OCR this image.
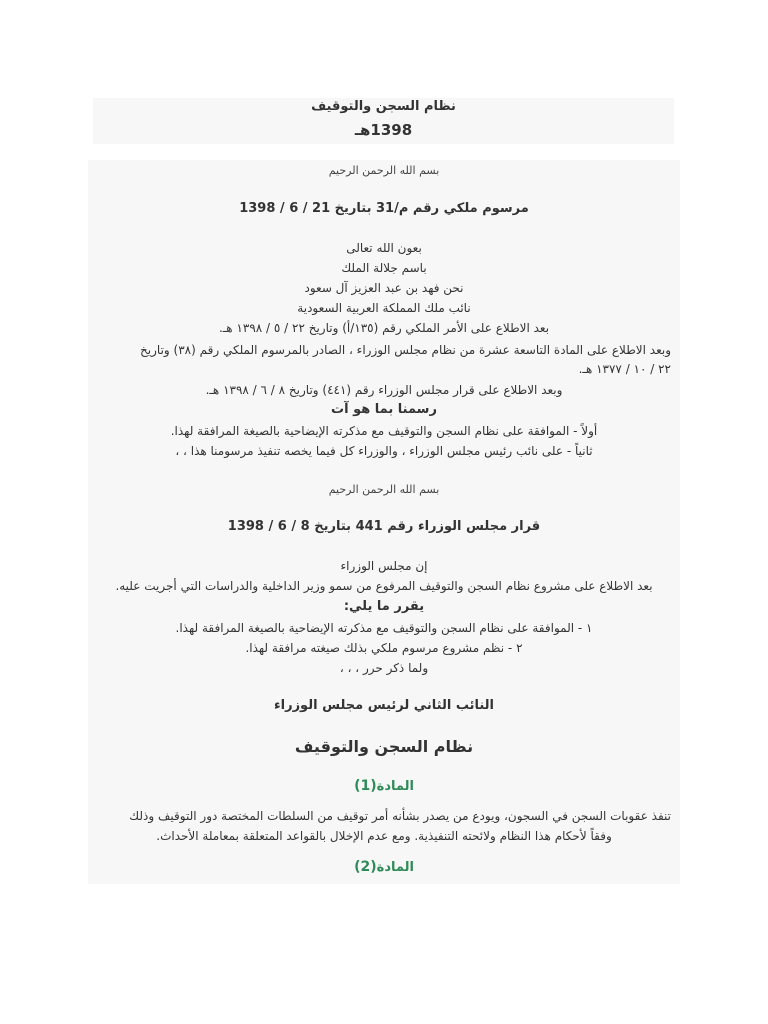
نظام السجن والتوقيف
1398هـ

بسم الله الرحمن الرحيم

مرسوم ملكي رقم م/31 بتاريخ 21 / 6 / 1398

بعون الله تعالى

باسم جلالة الملك

نحن فهد بن عبد العزيز آل سعود

نائب ملك المملكة العربية السعودية

بعد الاطلاع على الأمر الملكي رقم (١٣٥/أ) وتاريخ ٢٢ / ٥ / ١٣٩٨ هـ.

وبعد الاطلاع على المادة التاسعة عشرة من نظام مجلس الوزراء ، الصادر بالمرسوم الملكي رقم (٣٨) وتاريخ

٢٢ / ١٠ / ١٣٧٧ هـ.

وبعد الاطلاع على قرار مجلس الوزراء رقم (٤٤١) وتاريخ ٨ / ٦ / ١٣٩٨ هـ.

رسمنا بما هو آت

أولاً - الموافقة على نظام السجن والتوقيف مع مذكرته الإيضاحية بالصيغة المرافقة لهذا.

ثانياً - على نائب رئيس مجلس الوزراء ، والوزراء كل فيما يخصه تنفيذ مرسومنا هذا ، ،

بسم الله الرحمن الرحيم

قرار مجلس الوزراء رقم 441 بتاريخ 8 / 6 / 1398

إن مجلس الوزراء

بعد الاطلاع على مشروع نظام السجن والتوقيف المرفوع من سمو وزير الداخلية والدراسات التي أجريت عليه.

يقرر ما يلي:

١ - الموافقة على نظام السجن والتوقيف مع مذكرته الإيضاحية بالصيغة المرافقة لهذا.

٢ - نظم مشروع مرسوم ملكي بذلك صيغته مرافقة لهذا.

ولما ذكر حرر ، ، ،

النائب الثاني لرئيس مجلس الوزراء

نظام السجن والتوقيف

المادة(1)

تنفذ عقوبات السجن في السجون، ويودع من يصدر بشأنه أمر توقيف من السلطات المختصة دور التوقيف وذلك

وفقاً لأحكام هذا النظام ولائحته التنفيذية. ومع عدم الإخلال بالقواعد المتعلقة بمعاملة الأحداث.

المادة(2)
